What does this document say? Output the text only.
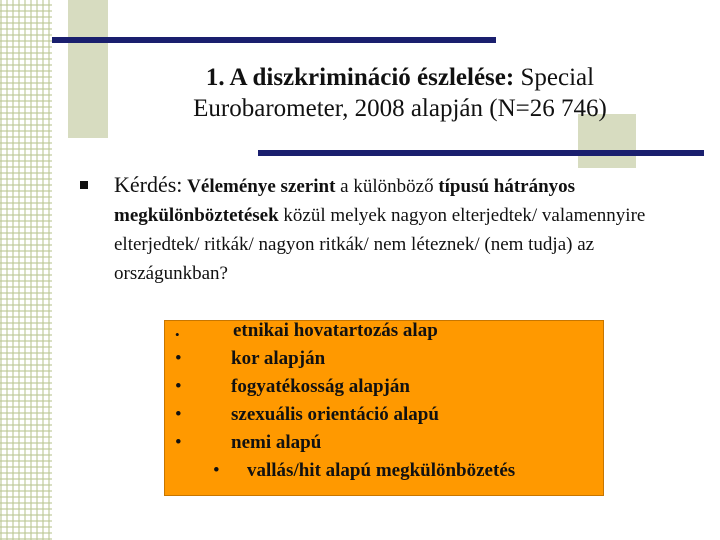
1. A diszkrimináció észlelése: Special
Eurobarometer, 2008 alapján (N=26 746)
Kérdés: Véleménye szerint a különböző típusú hátrányos megkülönböztetések közül melyek nagyon elterjedtek/ valamennyire elterjedtek/ ritkák/ nagyon ritkák/ nem léteznek/ (nem tudja) az országunkban?
•	etnikai hovatartozás alap
•	kor alapján
•	fogyatékosság alapján
•	szexuális orientáció alapú
•	nemi alapú
• vallás/hit alapú megkülönbözetés
